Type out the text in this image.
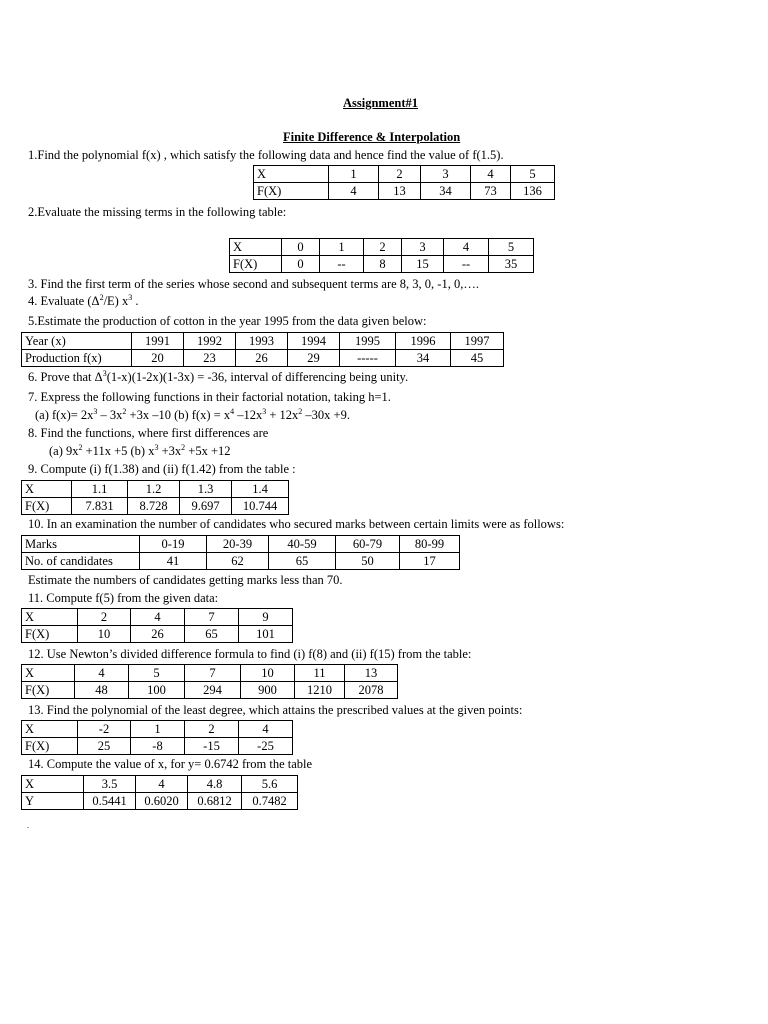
Assignment#1
Finite Difference & Interpolation
1.Find the polynomial f(x) , which satisfy the following data and hence find the value of f(1.5).
X	1	2	3	4	5
F(X)	4	13	34	73	136
2.Evaluate the missing terms in the following table:
X	0	1	2	3	4	5
F(X)	0	--	8	15	--	35
3. Find the first term of the series whose second and subsequent terms are 8, 3, 0, -1, 0,….
4. Evaluate $(\Delta^2/E)$ $x^3$ .
5.Estimate the production of cotton in the year 1995 from the data given below:
Year (x)	1991	1992	1993	1994	1995	1996	1997
Production f(x)	20	23	26	29	-----	34	45
6. Prove that $\Delta^3(1-x)(1-2x)(1-3x) = -36$, interval of differencing being unity.
7. Express the following functions in their factorial notation, taking h=1.
(a) $f(x)= 2x^3 - 3x^2 +3x$ –10 (b) $f(x) = x^4$ $-12x^3 + 12x^2$ –30x +9.
8. Find the functions, where first differences are
(a) $9x^2 +11x +5$ (b) $x^3 +3x^2 +5x +12$
9. Compute (i) f(1.38) and (ii) f(1.42) from the table :
X	1.1	1.2	1.3	1.4
F(X)	7.831	8.728	9.697	10.744
10. In an examination the number of candidates who secured marks between certain limits were as follows:
Marks	0-19	20-39	40-59	60-79	80-99
No. of candidates	41	62	65	50	17
Estimate the numbers of candidates getting marks less than 70.
11. Compute f(5) from the given data:
X	2	4	7	9
F(X)	10	26	65	101
12. Use Newton’s divided difference formula to find (i) f(8) and (ii) f(15) from the table:
X	4	5	7	10	11	13
F(X)	48	100	294	900	1210	2078
13. Find the polynomial of the least degree, which attains the prescribed values at the given points:
X	-2	1	2	4
F(X)	25	-8	-15	-25
14. Compute the value of x, for y= 0.6742 from the table
X	3.5	4	4.8	5.6
Y	0.5441	0.6020	0.6812	0.7482
.
